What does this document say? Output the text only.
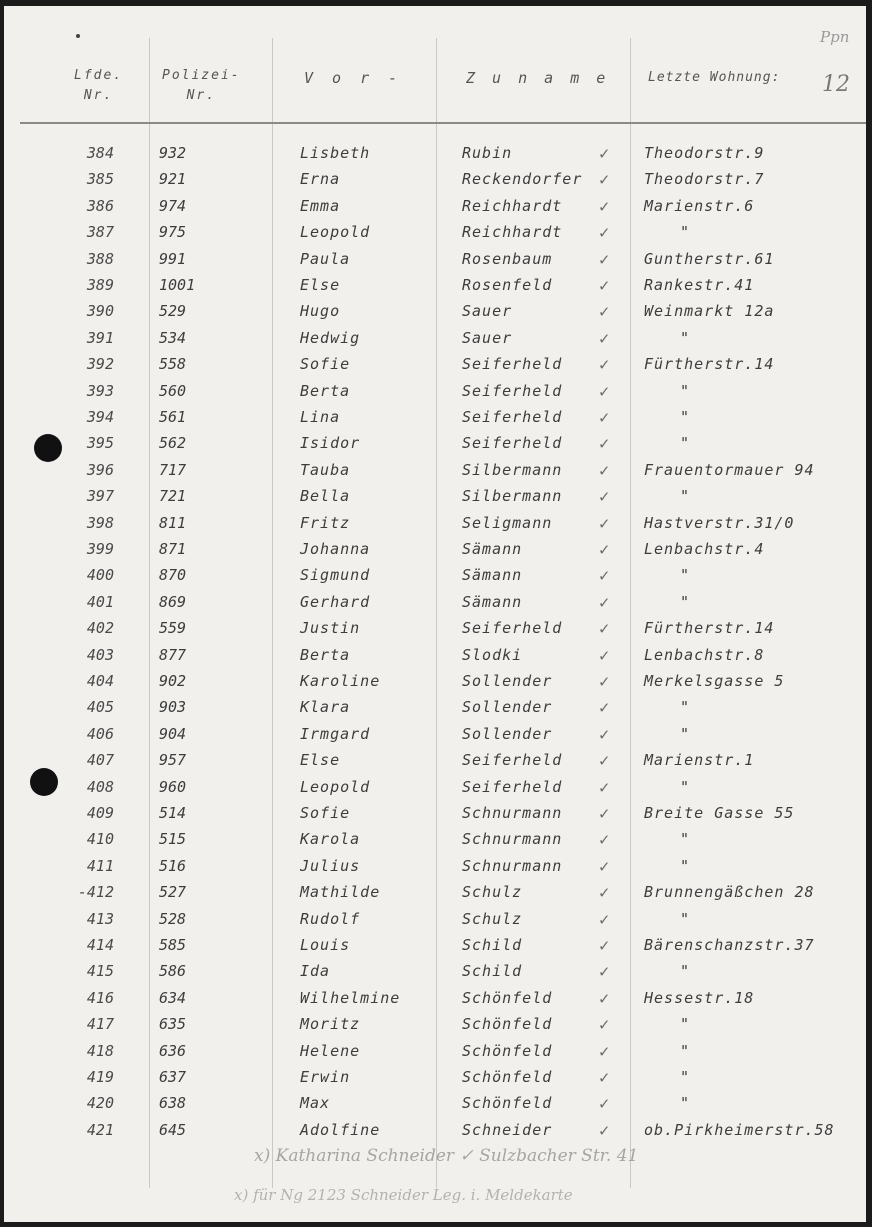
Ppn
12
Lfde.
Nr.
Polizei-
Nr.
V o r -	Z u n a m e	Letzte Wohnung:
384	932	Lisbeth	Rubin	✓ Theodorstr.9
385	921	Erna	Reckendorfer ✓ Theodorstr.7
386	974	Emma	Reichhardt ✓ Marienstr.6
387	975	Leopold	Reichhardt ✓	"
388	991	Paula	Rosenbaum	✓ Guntherstr.61
389	1001	Else	Rosenfeld	✓ Rankestr.41
390	529	Hugo	Sauer	✓ Weinmarkt 12a
391	534	Hedwig	Sauer	✓	"
392	558	Sofie	Seiferheld ✓ Fürtherstr.14
393	560	Berta	Seiferheld ✓	"
394	561	Lina	Seiferheld ✓	"
395	562	Isidor	Seiferheld ✓	"
396	717	Tauba	Silbermann ✓ Frauentormauer 94
397	721	Bella	Silbermann ✓	"
398	811	Fritz	Seligmann	✓ Hastverstr.31/0
399	871	Johanna	Sämann	✓ Lenbachstr.4
400	870	Sigmund	Sämann	✓	"
401	869	Gerhard	Sämann	✓	"
402	559	Justin	Seiferheld ✓ Fürtherstr.14
403	877	Berta	Slodki	✓ Lenbachstr.8
404	902	Karoline	Sollender	✓ Merkelsgasse 5
405	903	Klara	Sollender	✓	"
406	904	Irmgard	Sollender	✓	"
407	957	Else	Seiferheld ✓ Marienstr.1
408	960	Leopold	Seiferheld ✓	"
409	514	Sofie	Schnurmann ✓ Breite Gasse 55
410	515	Karola	Schnurmann ✓	"
411	516	Julius	Schnurmann ✓	"
-412	527	Mathilde	Schulz	✓ Brunnengäßchen 28
413	528	Rudolf	Schulz	✓	"
414	585	Louis	Schild	✓ Bärenschanzstr.37
415	586	Ida	Schild	✓	"
416	634	Wilhelmine	Schönfeld	✓ Hessestr.18
417	635	Moritz	Schönfeld	✓	"
418	636	Helene	Schönfeld	✓	"
419	637	Erwin	Schönfeld	✓	"
420	638	Max	Schönfeld	✓	"
421	645	Adolfine	Schneider	✓ ob.Pirkheimerstr.58
x) Katharina Schneider ✓ Sulzbacher Str. 41
x) für Ng 2123 Schneider Leg. i. Meldekarte
